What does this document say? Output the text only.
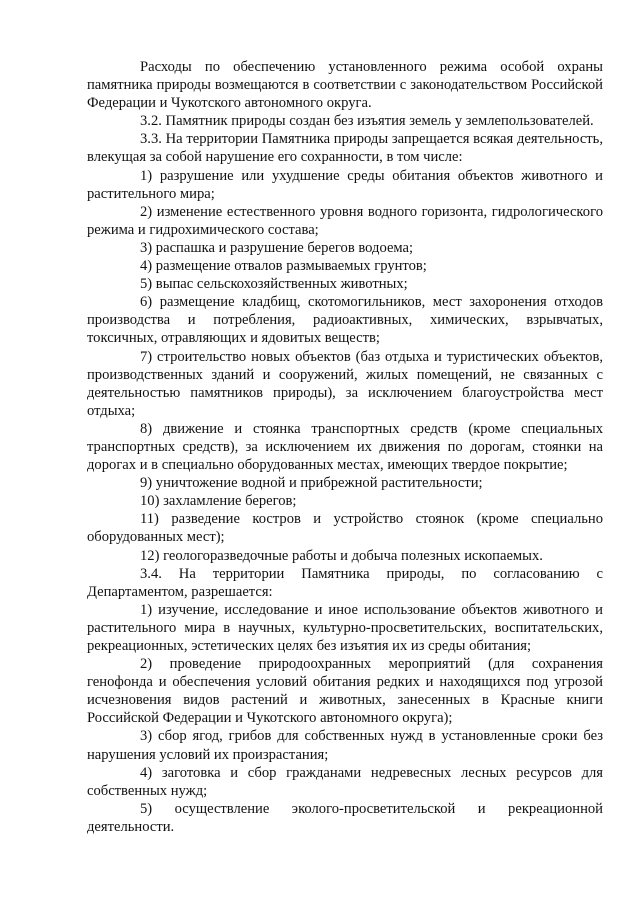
Расходы по обеспечению установленного режима особой охраны памятника природы возмещаются в соответствии с законодательством Российской Федерации и Чукотского автономного округа.

3.2. Памятник природы создан без изъятия земель у землепользователей.

3.3. На территории Памятника природы запрещается всякая деятельность, влекущая за собой нарушение его сохранности, в том числе:

1) разрушение или ухудшение среды обитания объектов животного и растительного мира;

2) изменение естественного уровня водного горизонта, гидрологического режима и гидрохимического состава;

3) распашка и разрушение берегов водоема;

4) размещение отвалов размываемых грунтов;

5) выпас сельскохозяйственных животных;

6) размещение кладбищ, скотомогильников, мест захоронения отходов производства и потребления, радиоактивных, химических, взрывчатых, токсичных, отравляющих и ядовитых веществ;

7) строительство новых объектов (баз отдыха и туристических объектов, производственных зданий и сооружений, жилых помещений, не связанных с деятельностью памятников природы), за исключением благоустройства мест отдыха;

8) движение и стоянка транспортных средств (кроме специальных транспортных средств), за исключением их движения по дорогам, стоянки на дорогах и в специально оборудованных местах, имеющих твердое покрытие;

9) уничтожение водной и прибрежной растительности;

10) захламление берегов;

11) разведение костров и устройство стоянок (кроме специально оборудованных мест);

12) геологоразведочные работы и добыча полезных ископаемых.

3.4. На территории Памятника природы, по согласованию с Департаментом, разрешается:

1) изучение, исследование и иное использование объектов животного и растительного мира в научных, культурно-просветительских, воспитательских, рекреационных, эстетических целях без изъятия их из среды обитания;

2) проведение природоохранных мероприятий (для сохранения генофонда и обеспечения условий обитания редких и находящихся под угрозой исчезновения видов растений и животных, занесенных в Красные книги Российской Федерации и Чукотского автономного округа);

3) сбор ягод, грибов для собственных нужд в установленные сроки без нарушения условий их произрастания;

4) заготовка и сбор гражданами недревесных лесных ресурсов для собственных нужд;

5) осуществление эколого-просветительской и рекреационной деятельности.
